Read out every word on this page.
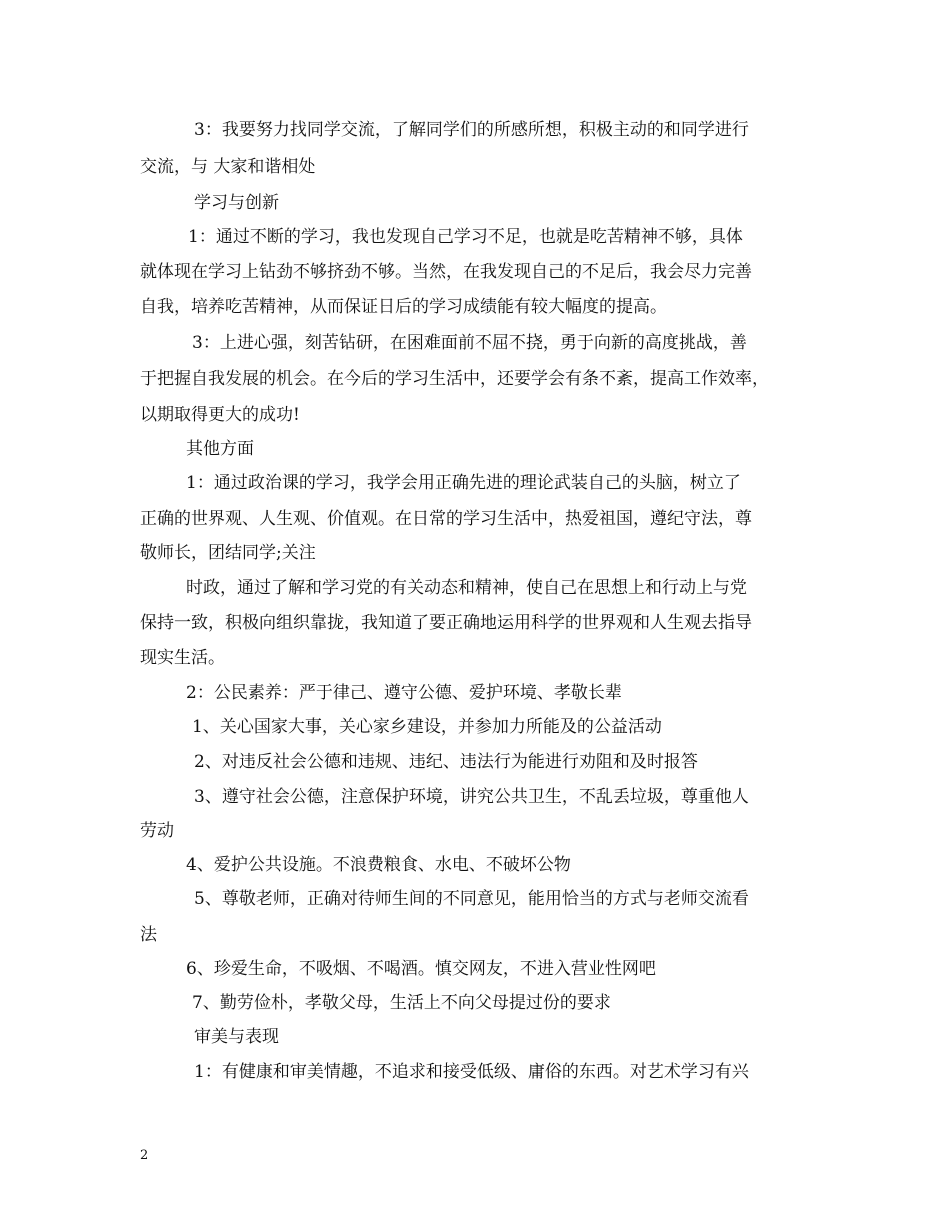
3：我要努力找同学交流，了解同学们的所感所想，积极主动的和同学进行
交流，与 大家和谐相处
学习与创新
1：通过不断的学习，我也发现自己学习不足，也就是吃苦精神不够，具体
就体现在学习上钻劲不够挤劲不够。当然，在我发现自己的不足后，我会尽力完善
自我，培养吃苦精神，从而保证日后的学习成绩能有较大幅度的提高。
3：上进心强，刻苦钻研，在困难面前不屈不挠，勇于向新的高度挑战，善
于把握自我发展的机会。在今后的学习生活中，还要学会有条不紊，提高工作效率，
以期取得更大的成功!
其他方面
1：通过政治课的学习，我学会用正确先进的理论武装自己的头脑，树立了
正确的世界观、人生观、价值观。在日常的学习生活中，热爱祖国，遵纪守法，尊
敬师长，团结同学;关注
时政，通过了解和学习党的有关动态和精神，使自己在思想上和行动上与党
保持一致，积极向组织靠拢，我知道了要正确地运用科学的世界观和人生观去指导
现实生活。
2：公民素养：严于律己、遵守公德、爱护环境、孝敬长辈
1、关心国家大事，关心家乡建设，并参加力所能及的公益活动
2、对违反社会公德和违规、违纪、违法行为能进行劝阻和及时报答
3、遵守社会公德，注意保护环境，讲究公共卫生，不乱丢垃圾，尊重他人
劳动
4、爱护公共设施。不浪费粮食、水电、不破坏公物
5、尊敬老师，正确对待师生间的不同意见，能用恰当的方式与老师交流看
法
6、珍爱生命，不吸烟、不喝酒。慎交网友，不进入营业性网吧
7、勤劳俭朴，孝敬父母，生活上不向父母提过份的要求
审美与表现
1：有健康和审美情趣，不追求和接受低级、庸俗的东西。对艺术学习有兴
2
